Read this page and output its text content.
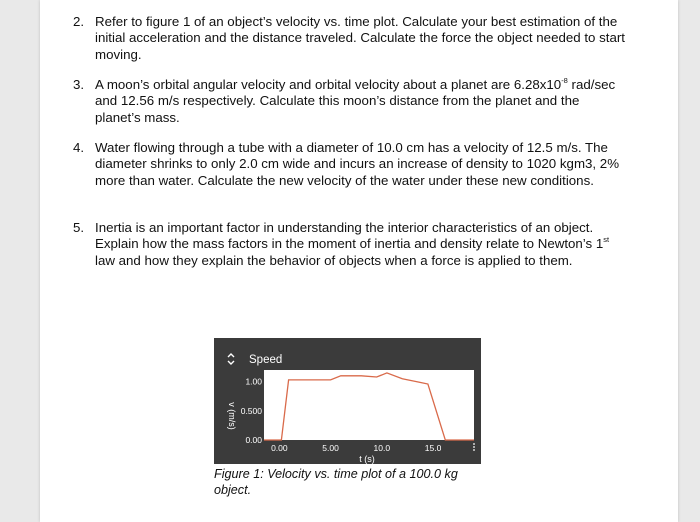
2. Refer to figure 1 of an object’s velocity vs. time plot. Calculate your best estimation of the initial acceleration and the distance traveled. Calculate the force the object needed to start moving.

3. A moon’s orbital angular velocity and orbital velocity about a planet are $6.28x10^{-8}$ rad/sec and 12.56 m/s respectively. Calculate this moon’s distance from the planet and the planet’s mass.

4. Water flowing through a tube with a diameter of 10.0 cm has a velocity of 12.5 m/s. The diameter shrinks to only 2.0 cm wide and incurs an increase of density to 1020 kgm3, 2% more than water. Calculate the new velocity of the water under these new conditions.

5. Inertia is an important factor in understanding the interior characteristics of an object. Explain how the mass factors in the moment of inertia and density relate to Newton’s 1st law and how they explain the behavior of objects when a force is applied to them.

Speed
v (m/s)
t (s)
0.00
0.500
1.00
0.00	5.00	10.0	15.0
Figure 1: Velocity vs. time plot of a 100.0 kg object.
